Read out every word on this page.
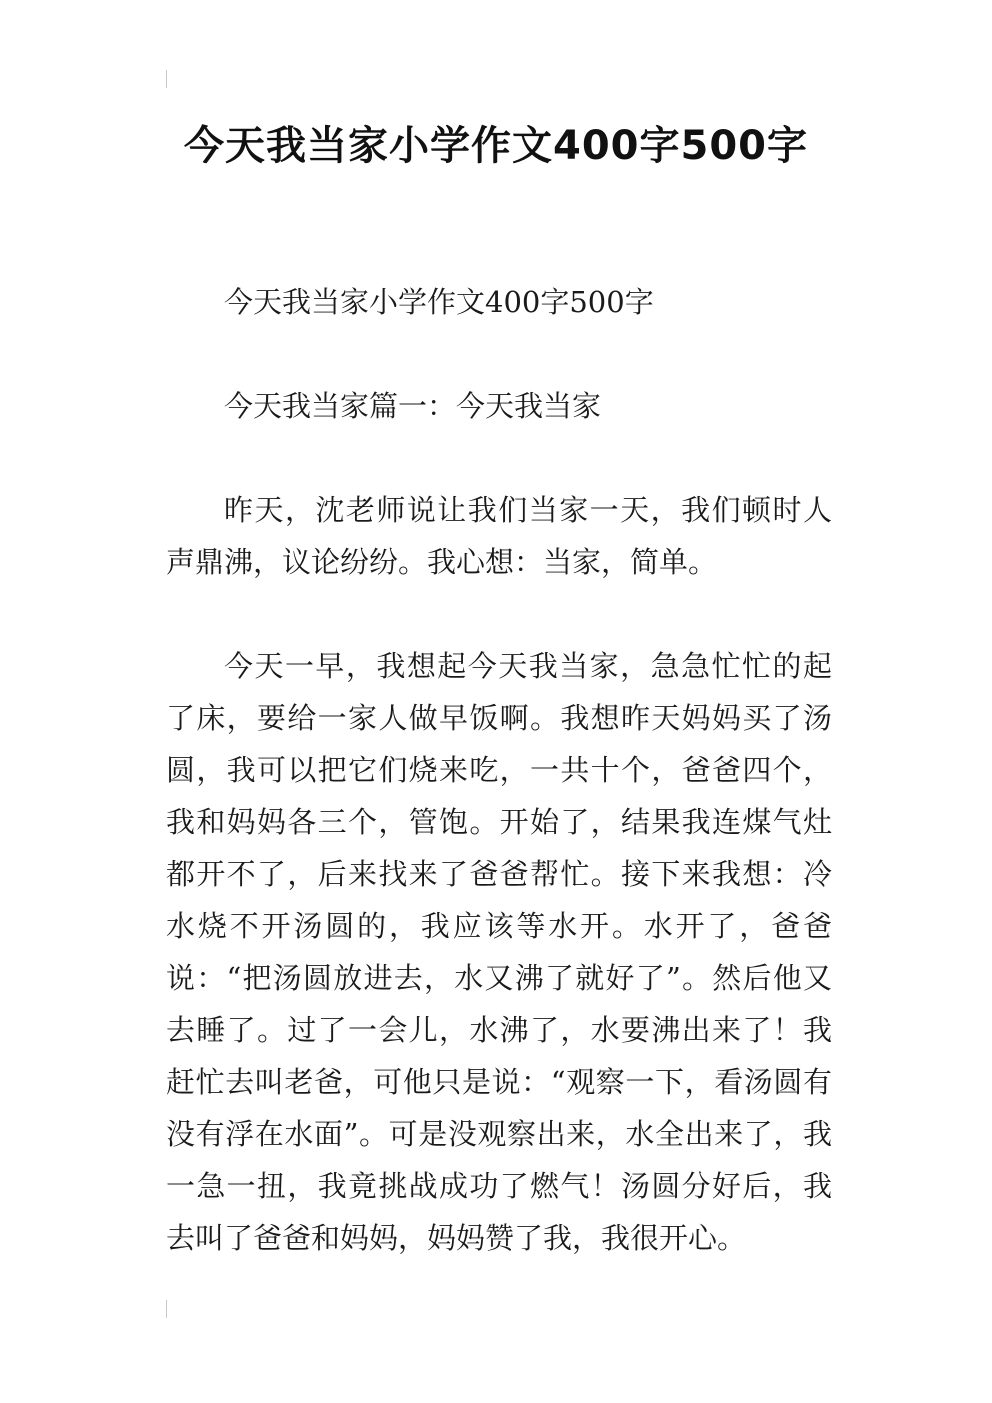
今天我当家小学作文400字500字

今天我当家小学作文400字500字

今天我当家篇一：今天我当家

昨天，沈老师说让我们当家一天，我们顿时人声鼎沸，议论纷纷。我心想：当家，简单。

今天一早，我想起今天我当家，急急忙忙的起了床，要给一家人做早饭啊。我想昨天妈妈买了汤圆，我可以把它们烧来吃，一共十个，爸爸四个，我和妈妈各三个，管饱。开始了，结果我连煤气灶都开不了，后来找来了爸爸帮忙。接下来我想：冷水烧不开汤圆的，我应该等水开。水开了，爸爸说：“把汤圆放进去，水又沸了就好了”。然后他又去睡了。过了一会儿，水沸了，水要沸出来了！我赶忙去叫老爸，可他只是说：“观察一下，看汤圆有没有浮在水面”。可是没观察出来，水全出来了，我一急一扭，我竟挑战成功了燃气！汤圆分好后，我去叫了爸爸和妈妈，妈妈赞了我，我很开心。
